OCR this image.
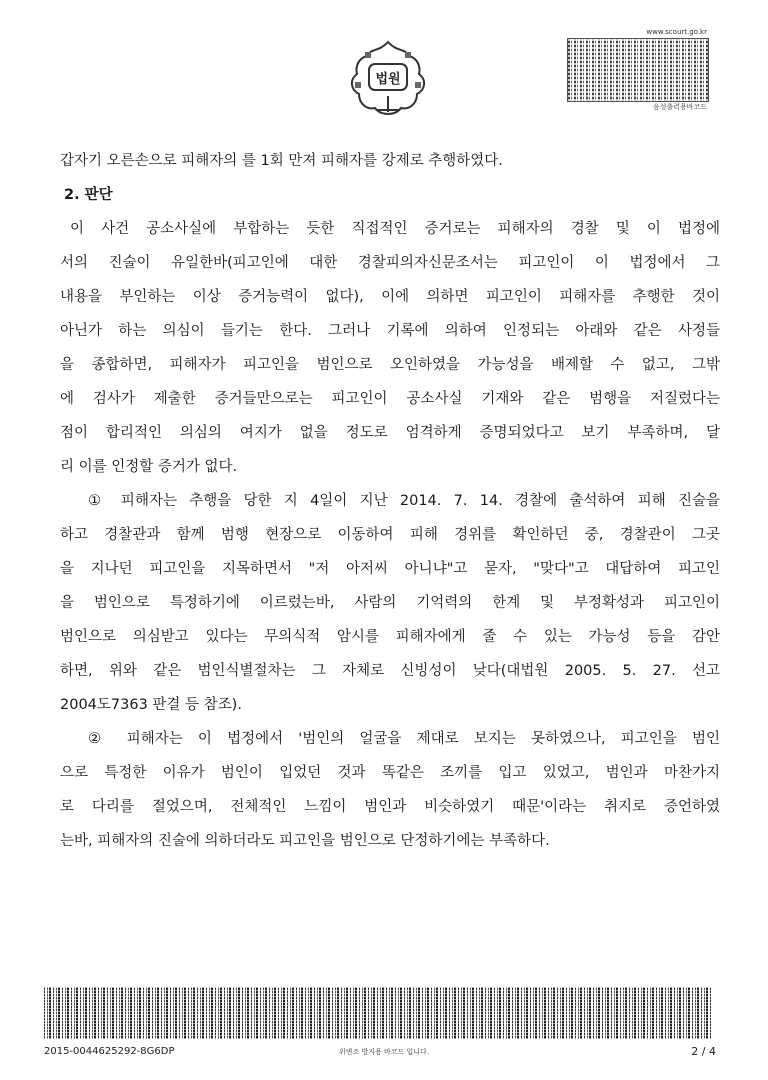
법원
www.scourt.go.kr
음성출력용바코드
갑자기 오른손으로 피해자의 를 1회 만져 피해자를 강제로 추행하였다.
2. 판단
이 사건 공소사실에 부합하는 듯한 직접적인 증거로는 피해자의 경찰 및 이 법정에
서의 진술이 유일한바(피고인에 대한 경찰피의자신문조서는 피고인이 이 법정에서 그
내용을 부인하는 이상 증거능력이 없다), 이에 의하면 피고인이 피해자를 추행한 것이
아닌가 하는 의심이 들기는 한다. 그러나 기록에 의하여 인정되는 아래와 같은 사정들
을 종합하면, 피해자가 피고인을 범인으로 오인하였을 가능성을 배제할 수 없고, 그밖
에 검사가 제출한 증거들만으로는 피고인이 공소사실 기재와 같은 범행을 저질렀다는
점이 합리적인 의심의 여지가 없을 정도로 엄격하게 증명되었다고 보기 부족하며, 달
리 이를 인정할 증거가 없다.
① 피해자는 추행을 당한 지 4일이 지난 2014. 7. 14. 경찰에 출석하여 피해 진술을
하고 경찰관과 함께 범행 현장으로 이동하여 피해 경위를 확인하던 중, 경찰관이 그곳
을 지나던 피고인을 지목하면서 "저 아저씨 아니냐"고 묻자, "맞다"고 대답하여 피고인
을 범인으로 특정하기에 이르렀는바, 사람의 기억력의 한계 및 부정확성과 피고인이
범인으로 의심받고 있다는 무의식적 암시를 피해자에게 줄 수 있는 가능성 등을 감안
하면, 위와 같은 범인식별절차는 그 자체로 신빙성이 낮다(대법원 2005. 5. 27. 선고
2004도7363 판결 등 참조).
② 피해자는 이 법정에서 '범인의 얼굴을 제대로 보지는 못하였으나, 피고인을 범인
으로 특정한 이유가 범인이 입었던 것과 똑같은 조끼를 입고 있었고, 범인과 마찬가지
로 다리를 절었으며, 전체적인 느낌이 범인과 비슷하였기 때문'이라는 취지로 증언하였
는바, 피해자의 진술에 의하더라도 피고인을 범인으로 단정하기에는 부족하다.
2015-0044625292-8G6DP	위변조 방지용 바코드 입니다.	2 / 4
